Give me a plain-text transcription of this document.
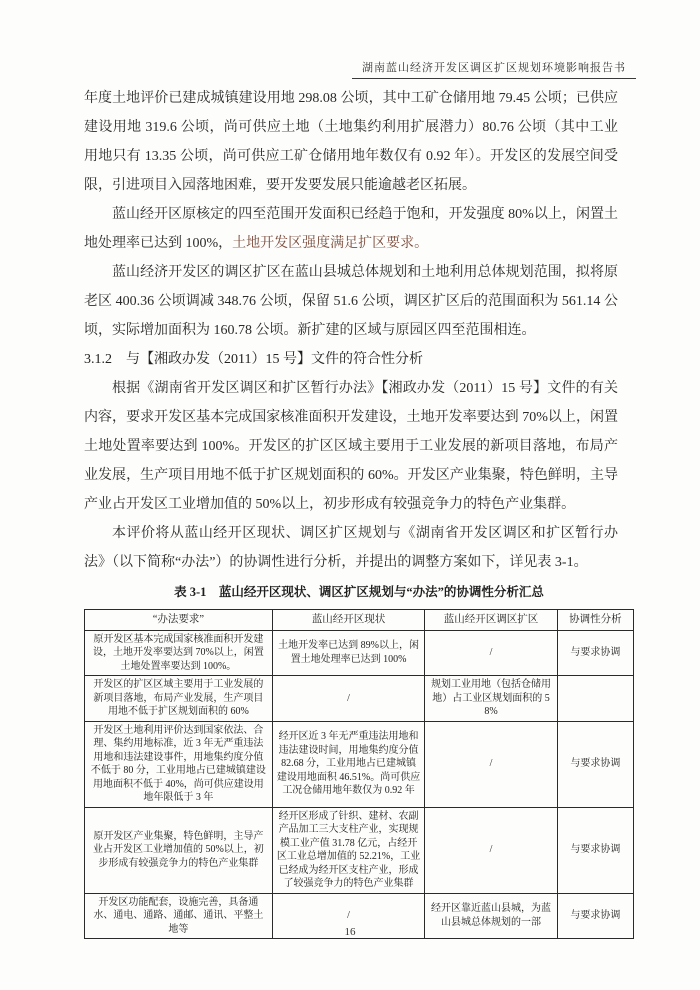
湖南蓝山经济开发区调区扩区规划环境影响报告书

年度土地评价已建成城镇建设用地 298.08 公顷，其中工矿仓储用地 79.45 公顷；已供应建设用地 319.6 公顷，尚可供应土地（土地集约利用扩展潜力）80.76 公顷（其中工业用地只有 13.35 公顷，尚可供应工矿仓储用地年数仅有 0.92 年）。开发区的发展空间受限，引进项目入园落地困难，要开发要发展只能逾越老区拓展。

蓝山经开区原核定的四至范围开发面积已经趋于饱和，开发强度 80%以上，闲置土地处理率已达到 100%，土地开发区强度满足扩区要求。

蓝山经济开发区的调区扩区在蓝山县城总体规划和土地利用总体规划范围，拟将原老区 400.36 公顷调减 348.76 公顷，保留 51.6 公顷，调区扩区后的范围面积为 561.14 公顷，实际增加面积为 160.78 公顷。新扩建的区域与原园区四至范围相连。

3.1.2　与【湘政办发（2011）15 号】文件的符合性分析

根据《湖南省开发区调区和扩区暂行办法》【湘政办发（2011）15 号】文件的有关内容，要求开发区基本完成国家核准面积开发建设，土地开发率要达到 70%以上，闲置土地处置率要达到 100%。开发区的扩区区域主要用于工业发展的新项目落地，布局产业发展，生产项目用地不低于扩区规划面积的 60%。开发区产业集聚，特色鲜明，主导产业占开发区工业增加值的 50%以上，初步形成有较强竞争力的特色产业集群。

本评价将从蓝山经开区现状、调区扩区规划与《湖南省开发区调区和扩区暂行办法》（以下简称“办法”）的协调性进行分析，并提出的调整方案如下，详见表 3-1。

表 3-1　蓝山经开区现状、调区扩区规划与“办法”的协调性分析汇总
“办法要求”	蓝山经开区现状	蓝山经开区调区扩区	协调性分析
原开发区基本完成国家核准面积开发建设，土地开发率要达到 70%以上，闲置土地处置率要达到 100%。	土地开发率已达到 89%以上，闲置土地处理率已达到 100%	/	与要求协调
开发区的扩区区域主要用于工业发展的新项目落地，布局产业发展，生产项目用地不低于扩区规划面积的 60%	/	规划工业用地（包括仓储用地）占工业区规划面积的 58%	
开发区土地利用评价达到国家依法、合理、集约用地标准，近 3 年无严重违法用地和违法建设事件，用地集约度分值不低于 80 分，工业用地占已建城镇建设用地面积不低于 40%，尚可供应建设用地年限低于 3 年	经开区近 3 年无严重违法用地和违法建设时间，用地集约度分值 82.68 分，工业用地占已建城镇建设用地面积 46.51%。尚可供应工况仓储用地年数仅为 0.92 年	/	与要求协调
原开发区产业集聚，特色鲜明，主导产业占开发区工业增加值的 50%以上，初步形成有较强竞争力的特色产业集群	经开区形成了针织、建材、农副产品加工三大支柱产业，实现规模工业产值 31.78 亿元，占经开区工业总增加值的 52.21%，工业已经成为经开区支柱产业，形成了较强竞争力的特色产业集群	/	与要求协调
开发区功能配套，设施完善，具备通水、通电、通路、通邮、通讯、平整土地等	/	经开区靠近蓝山县城，为蓝山县城总体规划的一部	与要求协调
16
